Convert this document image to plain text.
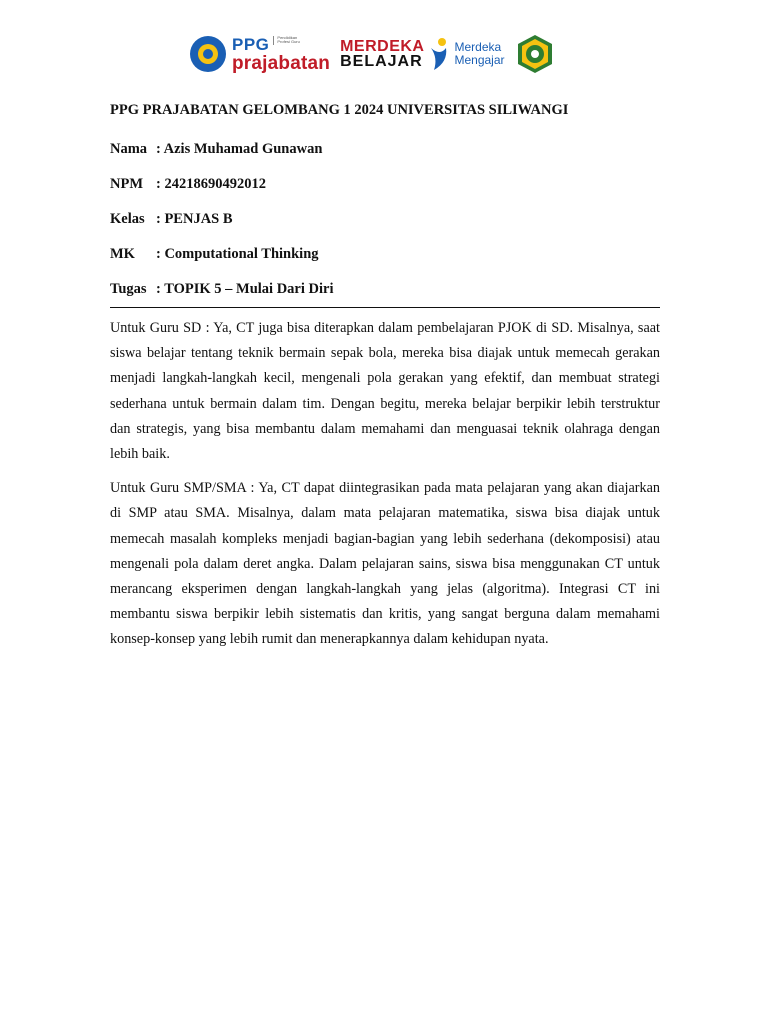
PPG	Pendidikan Profesi Guru
prajabatan
MERDEKA
BELAJAR
Merdeka
Mengajar

PPG PRAJABATAN GELOMBANG 1 2024 UNIVERSITAS SILIWANGI

Nama : Azis Muhamad Gunawan
NPM : 24218690492012
Kelas : PENJAS B
MK	: Computational Thinking
Tugas : TOPIK 5 – Mulai Dari Diri

Untuk Guru SD : Ya, CT juga bisa diterapkan dalam pembelajaran PJOK di SD. Misalnya, saat siswa belajar tentang teknik bermain sepak bola, mereka bisa diajak untuk memecah gerakan menjadi langkah-langkah kecil, mengenali pola gerakan yang efektif, dan membuat strategi sederhana untuk bermain dalam tim. Dengan begitu, mereka belajar berpikir lebih terstruktur dan strategis, yang bisa membantu dalam memahami dan menguasai teknik olahraga dengan lebih baik.

Untuk Guru SMP/SMA : Ya, CT dapat diintegrasikan pada mata pelajaran yang akan diajarkan di SMP atau SMA. Misalnya, dalam mata pelajaran matematika, siswa bisa diajak untuk memecah masalah kompleks menjadi bagian-bagian yang lebih sederhana (dekomposisi) atau mengenali pola dalam deret angka. Dalam pelajaran sains, siswa bisa menggunakan CT untuk merancang eksperimen dengan langkah-langkah yang jelas (algoritma). Integrasi CT ini membantu siswa berpikir lebih sistematis dan kritis, yang sangat berguna dalam memahami konsep-konsep yang lebih rumit dan menerapkannya dalam kehidupan nyata.
